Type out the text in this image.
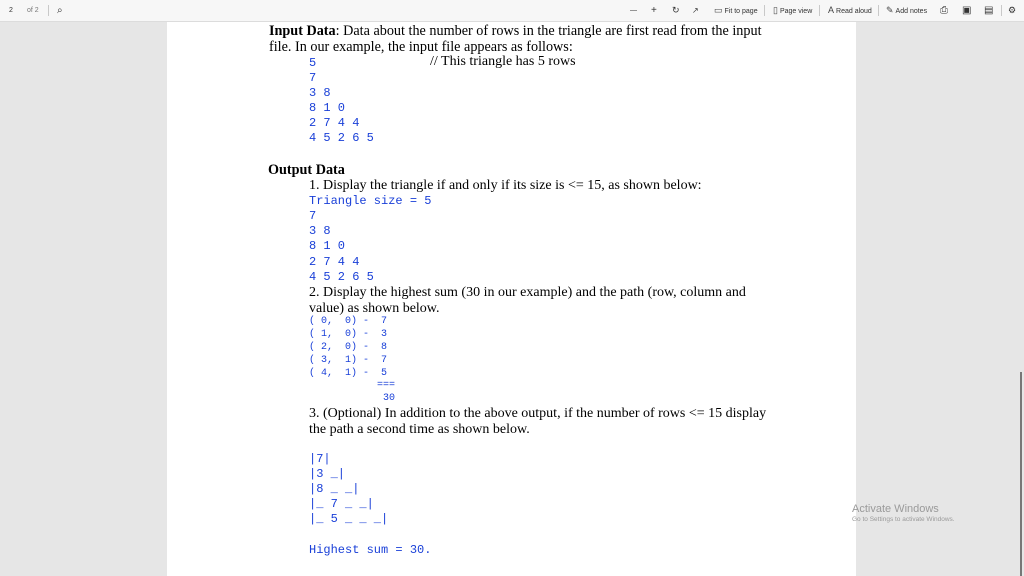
2 of 2 ⌕	— + ↻ ↗ ▭ Fit to page ▯ Page view A Read aloud ✎ Add notes ⎙ ▣ ▤ ⚙
Input Data: Data about the number of rows in the triangle are first read from the input
file. In our example, the input file appears as follows:
5	// This triangle has 5 rows
7
3 8
8 1 0
2 7 4 4
4 5 2 6 5
Output Data
1. Display the triangle if and only if its size is <= 15, as shown below:
Triangle size = 5
7
3 8
8 1 0
2 7 4 4
4 5 2 6 5
2. Display the highest sum (30 in our example) and the path (row, column and
value) as shown below.
( 0,  0) -  7
( 1,  0) -  3
( 2,  0) -  8
( 3,  1) -  7
( 4,  1) -  5
===
30
3. (Optional) In addition to the above output, if the number of rows <= 15 display
the path a second time as shown below.
|7|
|3 _|
|8 _ _|
|_ 7 _ _|
|_ 5 _ _ _|
Highest sum = 30.
Activate Windows
Go to Settings to activate Windows.
